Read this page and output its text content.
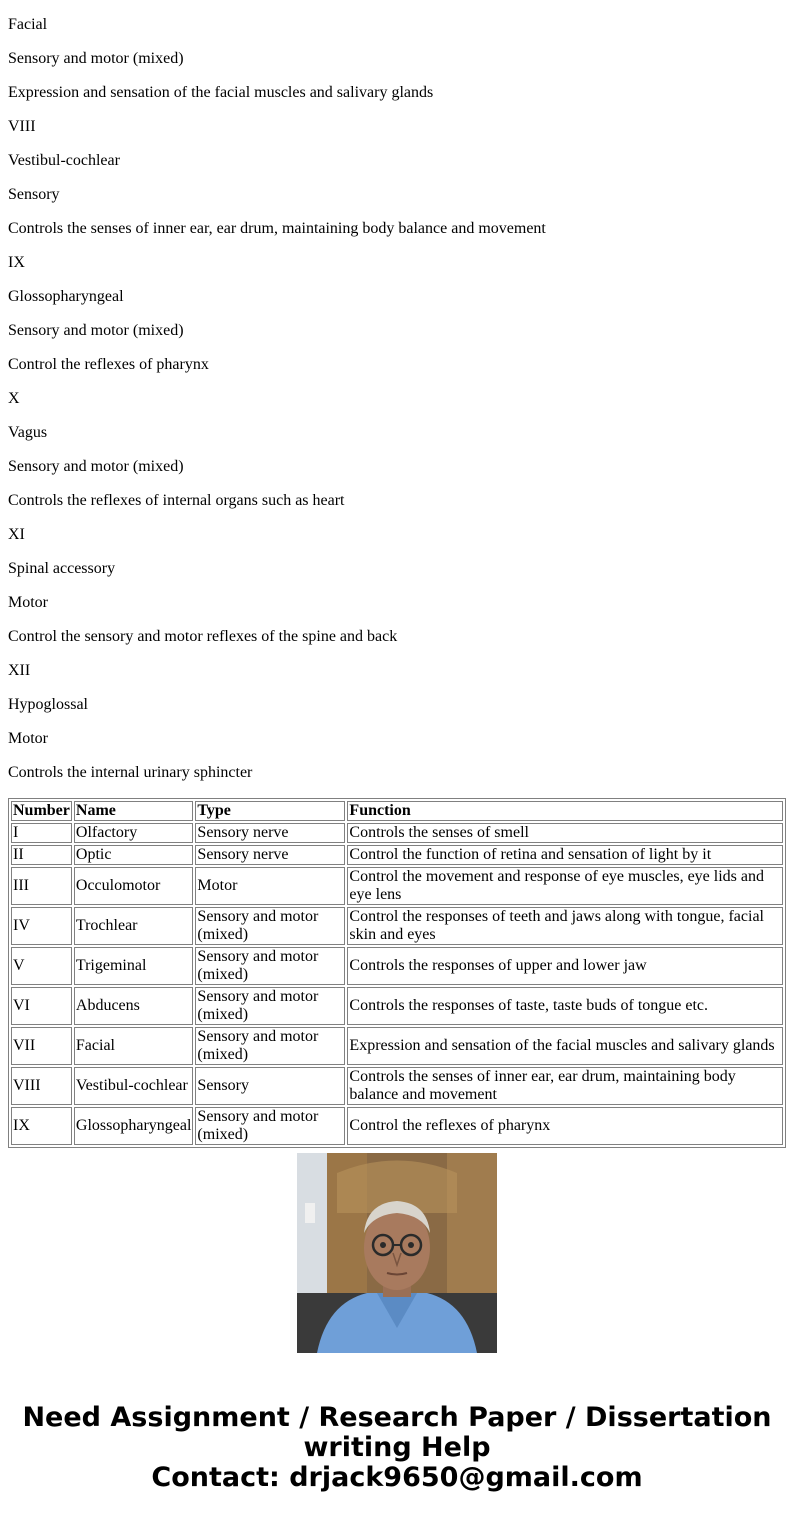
Facial

Sensory and motor (mixed)

Expression and sensation of the facial muscles and salivary glands

VIII

Vestibul-cochlear

Sensory

Controls the senses of inner ear, ear drum, maintaining body balance and movement

IX

Glossopharyngeal

Sensory and motor (mixed)

Control the reflexes of pharynx

X

Vagus

Sensory and motor (mixed)

Controls the reflexes of internal organs such as heart

XI

Spinal accessory

Motor

Control the sensory and motor reflexes of the spine and back

XII

Hypoglossal

Motor

Controls the internal urinary sphincter

Number	Name	Type	Function
I	Olfactory	Sensory nerve	Controls the senses of smell
II	Optic	Sensory nerve	Control the function of retina and sensation of light by it
III	Occulomotor	Motor	Control the movement and response of eye muscles, eye lids and eye lens
IV	Trochlear	Sensory and motor (mixed)	Control the responses of teeth and jaws along with tongue, facial skin and eyes
V	Trigeminal	Sensory and motor (mixed)	Controls the responses of upper and lower jaw
VI	Abducens	Sensory and motor (mixed)	Controls the responses of taste, taste buds of tongue etc.
VII	Facial	Sensory and motor (mixed)	Expression and sensation of the facial muscles and salivary glands
VIII	Vestibul-cochlear	Sensory	Controls the senses of inner ear, ear drum, maintaining body balance and movement
IX	Glossopharyngeal	Sensory and motor (mixed)	Control the reflexes of pharynx
Need Assignment / Research Paper / Dissertation
writing Help
Contact: drjack9650@gmail.com
